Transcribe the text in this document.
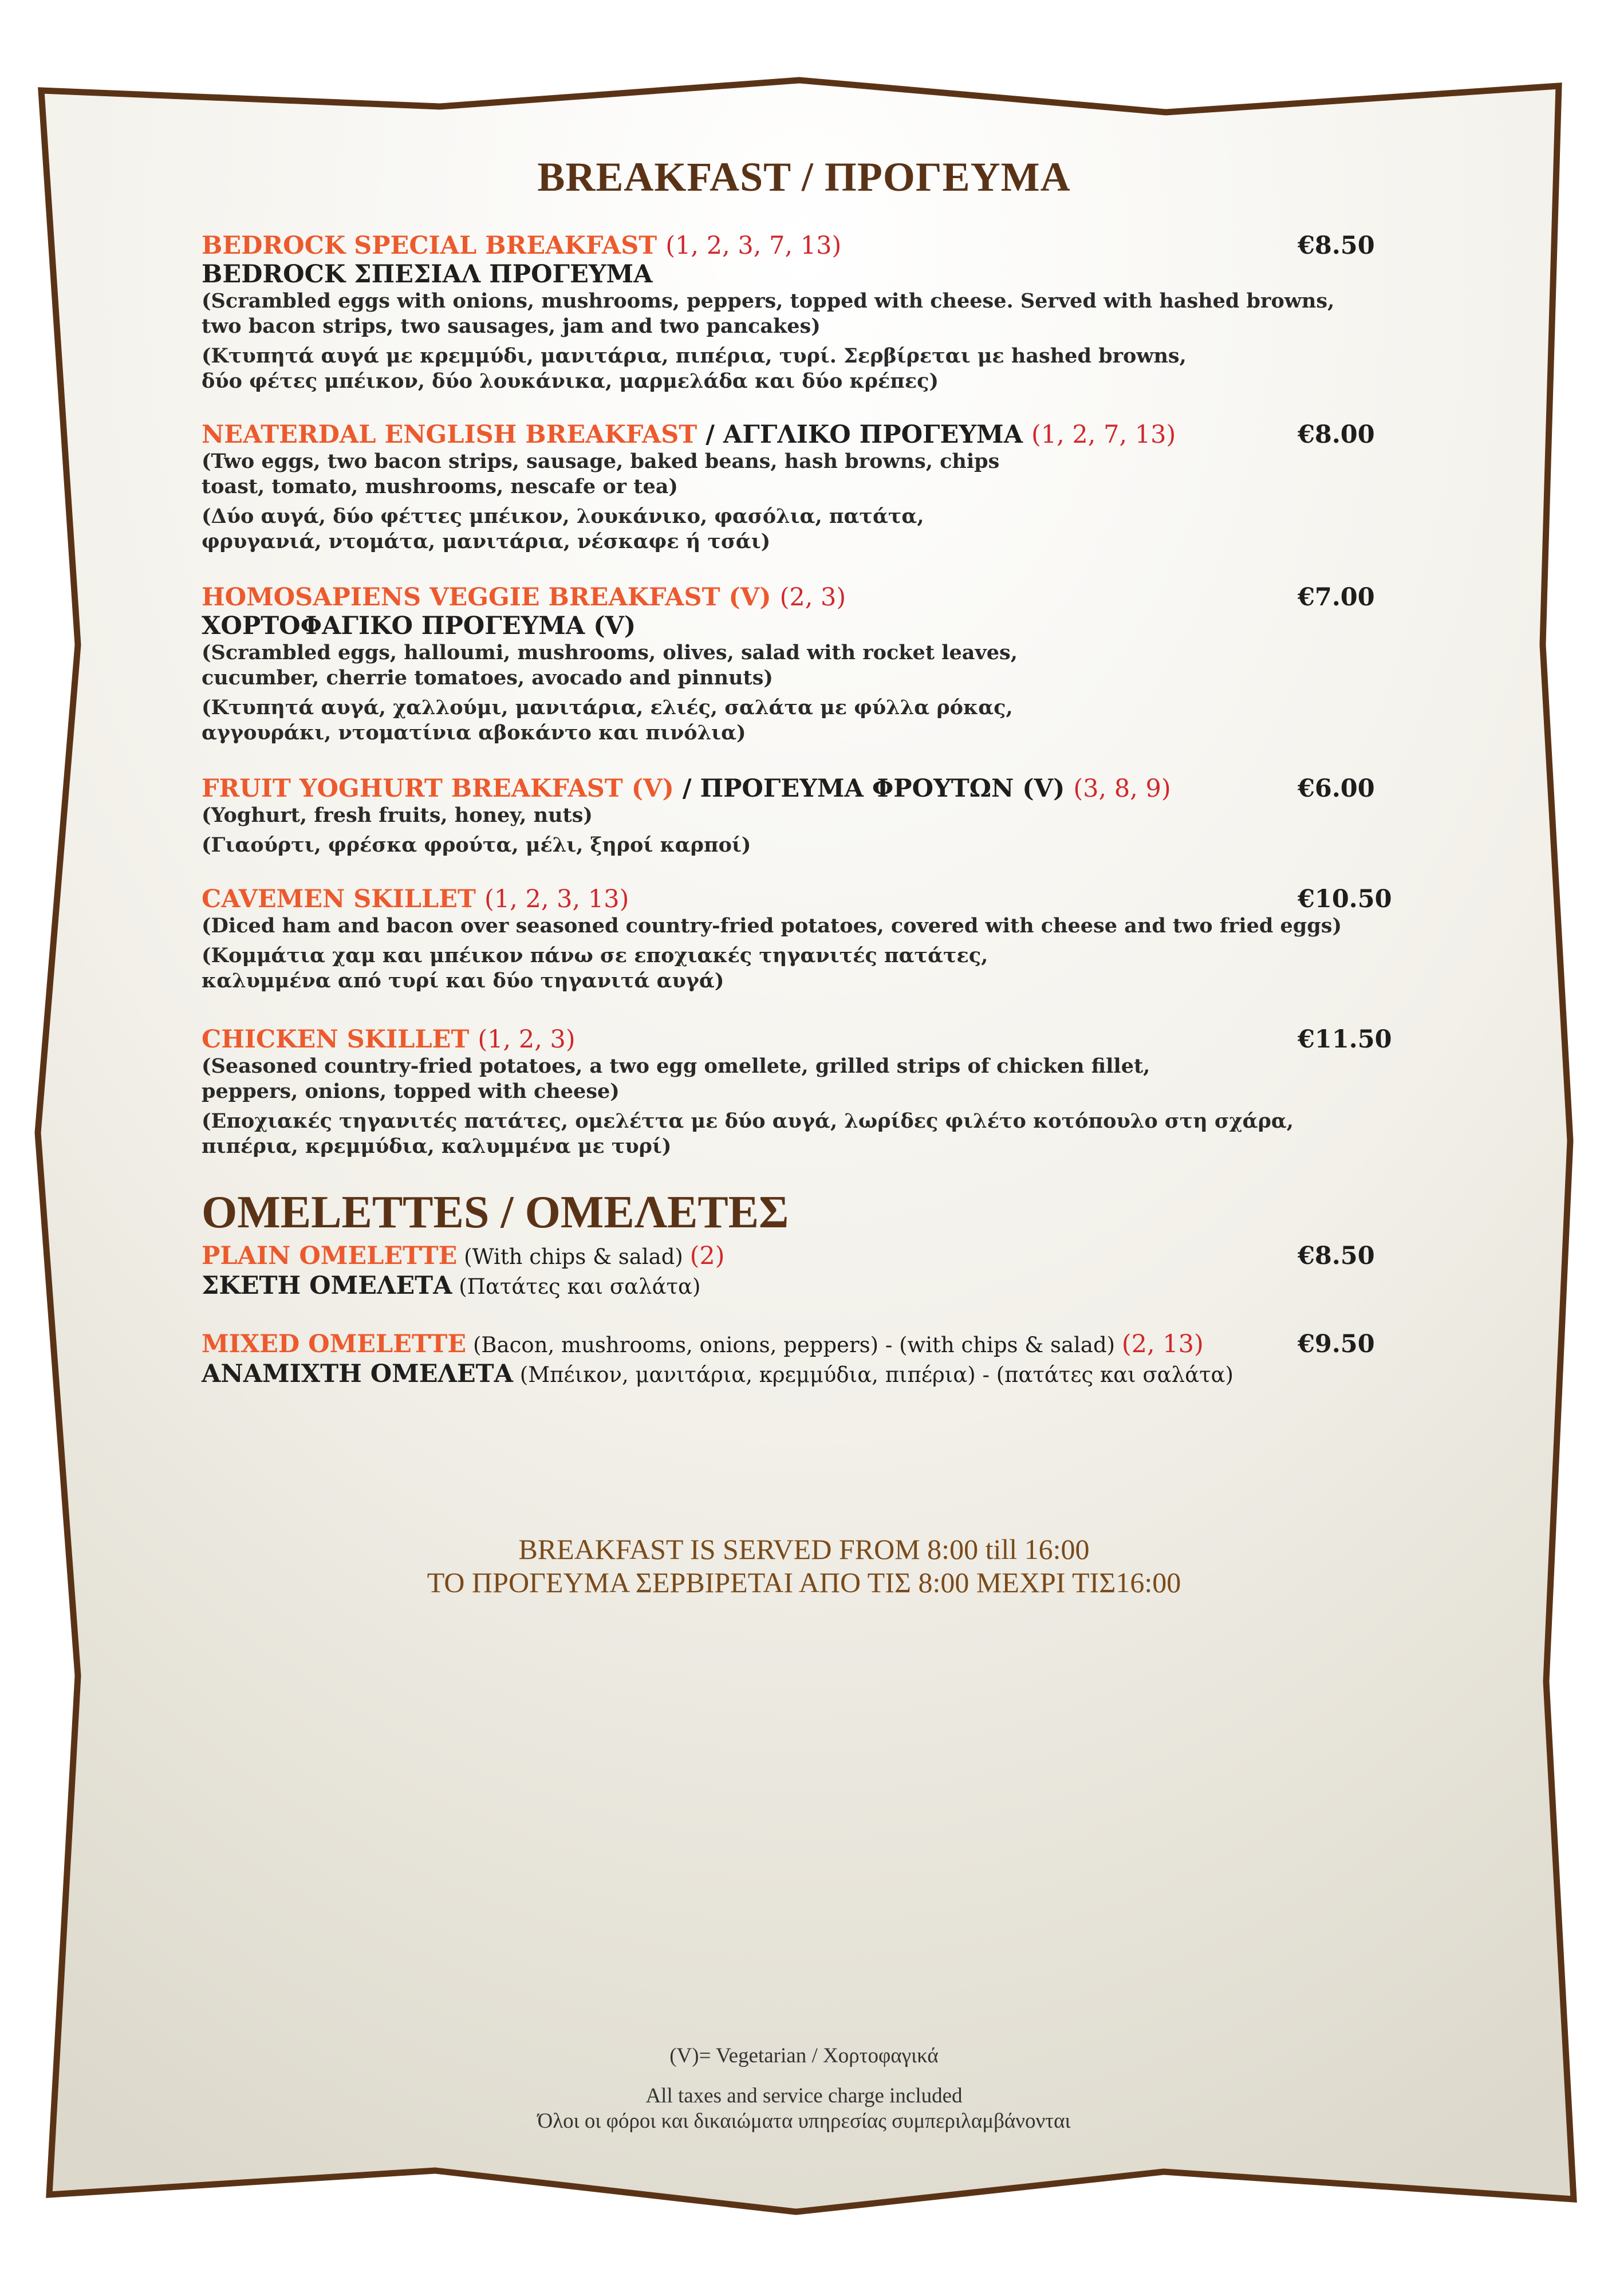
BREAKFAST / ΠΡΟΓΕΥΜΑ
BEDROCK SPECIAL BREAKFAST (1, 2, 3, 7, 13)
BEDROCK ΣΠΕΣΙΑΛ ΠΡΟΓΕΥΜΑ
(Scrambled eggs with onions, mushrooms, peppers, topped with cheese. Served with hashed browns,
two bacon strips, two sausages, jam and two pancakes)
(Κτυπητά αυγά με κρεμμύδι, μανιτάρια, πιπέρια, τυρί. Σερβίρεται με hashed browns,
δύο φέτες μπέικον, δύο λουκάνικα, μαρμελάδα και δύο κρέπες)
€8.50
NEATERDAL ENGLISH BREAKFAST / ΑΓΓΛΙΚΟ ΠΡΟΓΕΥΜΑ (1, 2, 7, 13)
(Two eggs, two bacon strips, sausage, baked beans, hash browns, chips
toast, tomato, mushrooms, nescafe or tea)
(Δύο αυγά, δύο φέττες μπέικον, λουκάνικο, φασόλια, πατάτα,
φρυγανιά, ντομάτα, μανιτάρια, νέσκαφε ή τσάι)
€8.00
HOMOSAPIENS VEGGIE BREAKFAST (V) (2, 3)
ΧΟΡΤΟΦΑΓΙΚΟ ΠΡΟΓΕΥΜΑ (V)
(Scrambled eggs, halloumi, mushrooms, olives, salad with rocket leaves,
cucumber, cherrie tomatoes, avocado and pinnuts)
(Κτυπητά αυγά, χαλλούμι, μανιτάρια, ελιές, σαλάτα με φύλλα ρόκας,
αγγουράκι, ντοματίνια αβοκάντο και πινόλια)
€7.00
FRUIT YOGHURT BREAKFAST (V) / ΠΡΟΓΕΥΜΑ ΦΡΟΥΤΩΝ (V) (3, 8, 9)
(Yoghurt, fresh fruits, honey, nuts)
(Γιαούρτι, φρέσκα φρούτα, μέλι, ξηροί καρποί)
€6.00
CAVEMEN SKILLET (1, 2, 3, 13)
(Diced ham and bacon over seasoned country-fried potatoes, covered with cheese and two fried eggs)
(Κομμάτια χαμ και μπέικον πάνω σε εποχιακές τηγανιτές πατάτες,
καλυμμένα από τυρί και δύο τηγανιτά αυγά)
€10.50
CHICKEN SKILLET (1, 2, 3)
(Seasoned country-fried potatoes, a two egg omellete, grilled strips of chicken fillet,
peppers, onions, topped with cheese)
(Εποχιακές τηγανιτές πατάτες, ομελέττα με δύο αυγά, λωρίδες φιλέτο κοτόπουλο στη σχάρα,
πιπέρια, κρεμμύδια, καλυμμένα με τυρί)
€11.50
OMELETTES / ΟΜΕΛΕΤΕΣ
PLAIN OMELETTE (With chips & salad) (2)
ΣΚΕΤΗ ΟΜΕΛΕΤΑ (Πατάτες και σαλάτα)
€8.50
MIXED OMELETTE (Bacon, mushrooms, onions, peppers) - (with chips & salad) (2, 13)
ΑΝΑΜΙΧΤΗ ΟΜΕΛΕΤΑ (Μπέικον, μανιτάρια, κρεμμύδια, πιπέρια) - (πατάτες και σαλάτα)
€9.50
BREAKFAST IS SERVED FROM 8:00 till 16:00
ΤΟ ΠΡΟΓΕΥΜΑ ΣΕΡΒΙΡΕΤΑΙ ΑΠΟ ΤΙΣ 8:00 ΜΕΧΡΙ ΤΙΣ16:00
(V)= Vegetarian / Χορτοφαγικά
All taxes and service charge included
Όλοι οι φόροι και δικαιώματα υπηρεσίας συμπεριλαμβάνονται
